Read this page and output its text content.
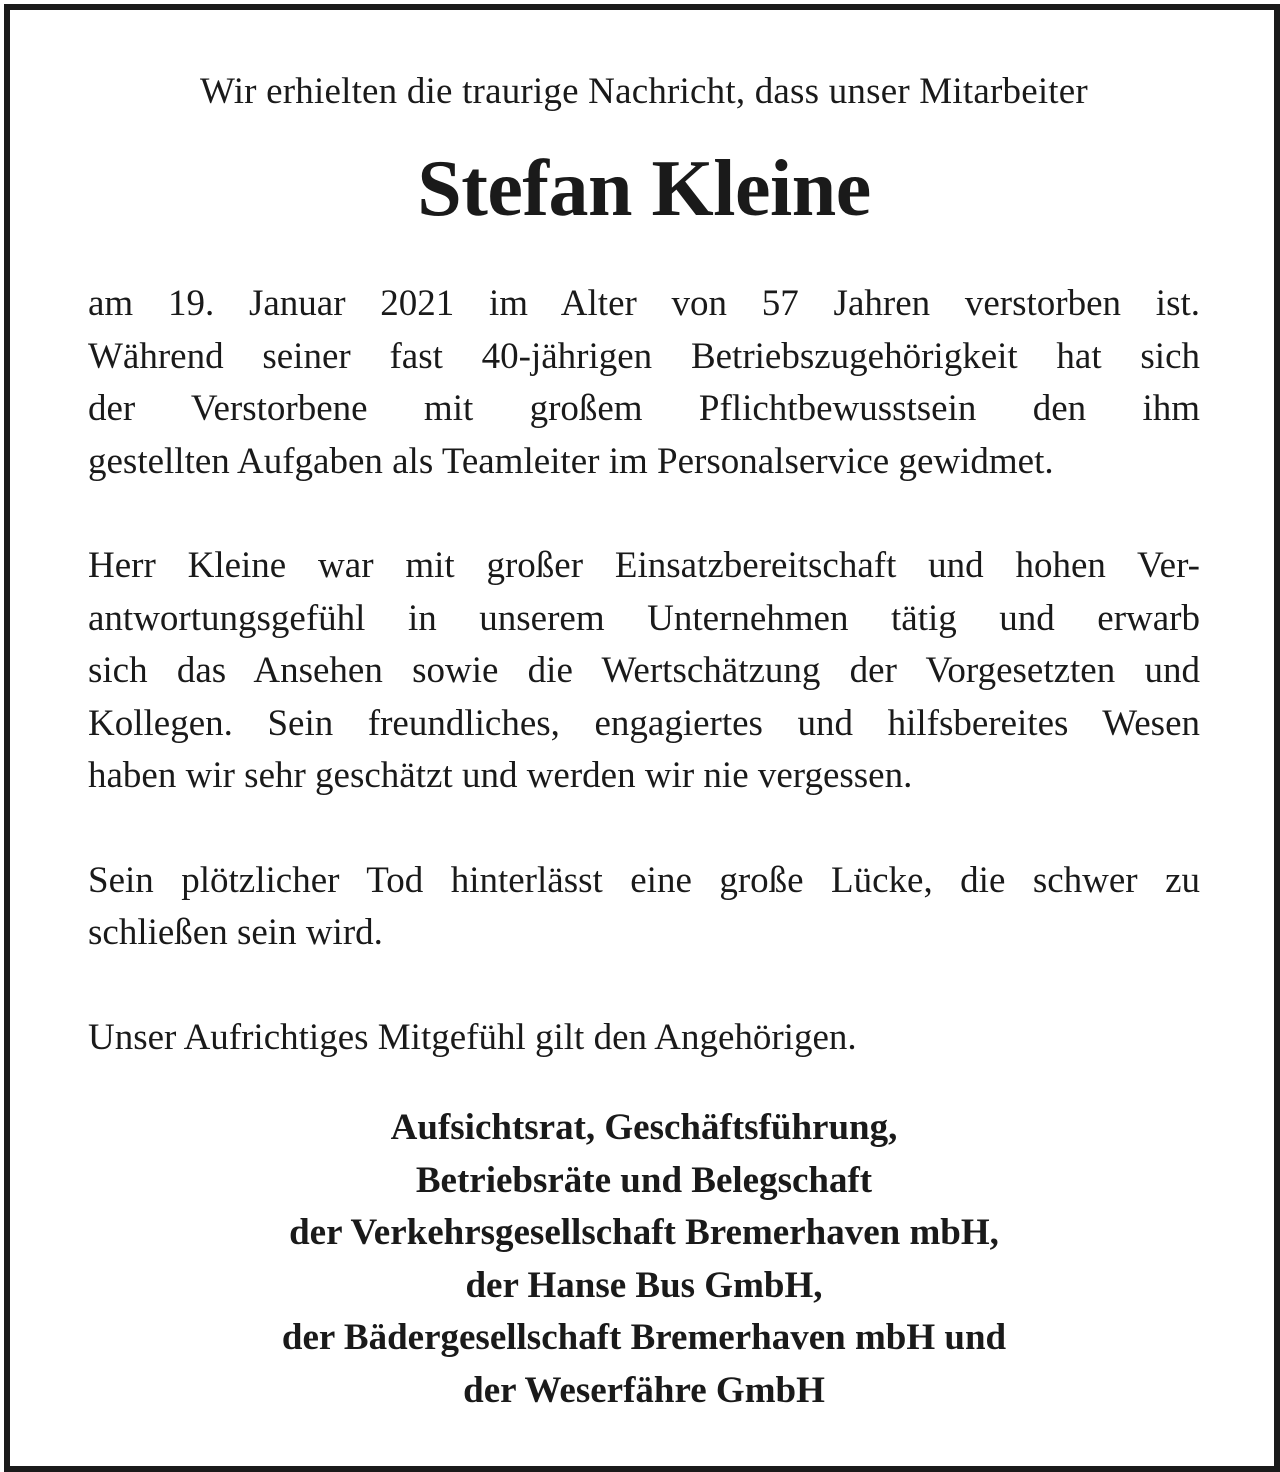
Wir erhielten die traurige Nachricht, dass unser Mitarbeiter

Stefan Kleine

am 19. Januar 2021 im Alter von 57 Jahren verstorben ist.
Während seiner fast 40-jährigen Betriebszugehörigkeit hat sich
der Verstorbene mit großem Pflichtbewusstsein den ihm
gestellten Aufgaben als Teamleiter im Personalservice gewidmet.

Herr Kleine war mit großer Einsatzbereitschaft und hohen Ver-
antwortungsgefühl in unserem Unternehmen tätig und erwarb
sich das Ansehen sowie die Wertschätzung der Vorgesetzten und
Kollegen. Sein freundliches, engagiertes und hilfsbereites Wesen
haben wir sehr geschätzt und werden wir nie vergessen.

Sein plötzlicher Tod hinterlässt eine große Lücke, die schwer zu
schließen sein wird.

Unser Aufrichtiges Mitgefühl gilt den Angehörigen.

Aufsichtsrat, Geschäftsführung,
Betriebsräte und Belegschaft
der Verkehrsgesellschaft Bremerhaven mbH,
der Hanse Bus GmbH,
der Bädergesellschaft Bremerhaven mbH und
der Weserfähre GmbH
